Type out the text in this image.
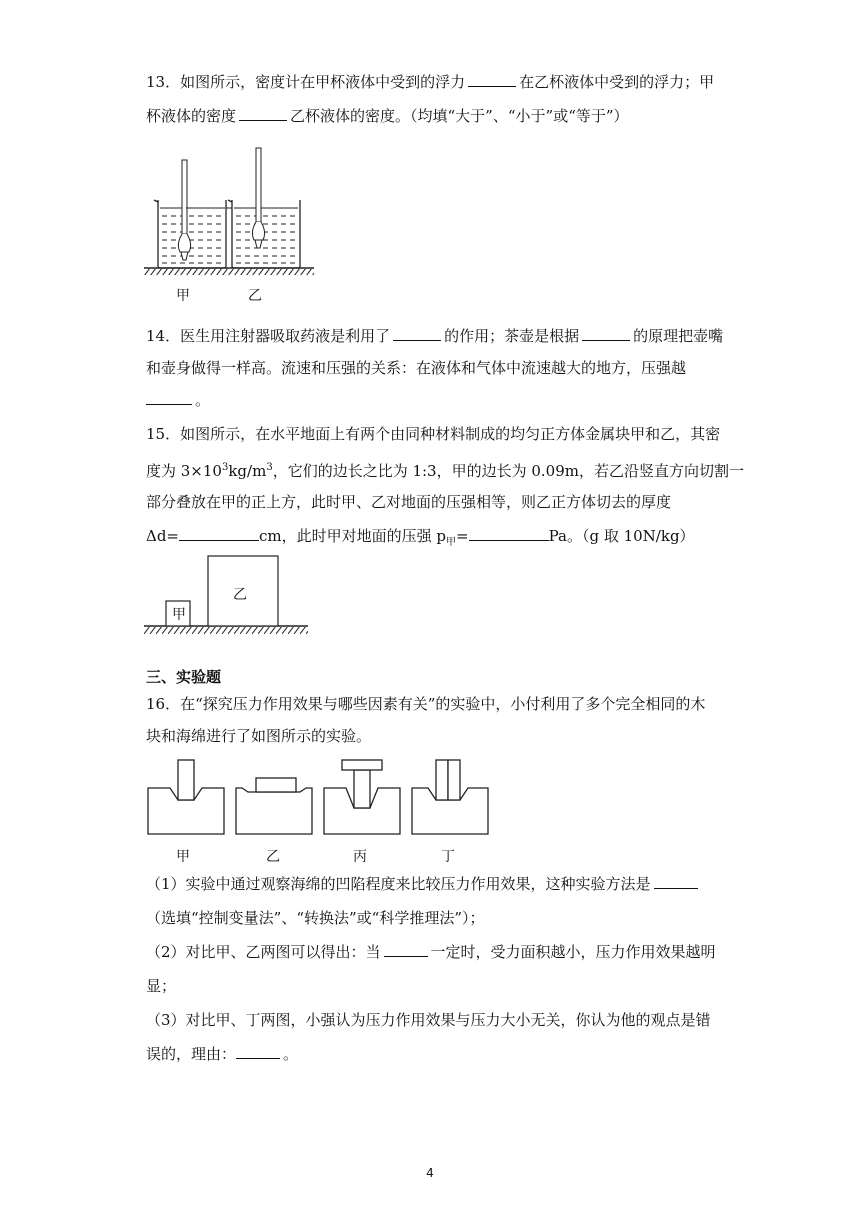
13．如图所示，密度计在甲杯液体中受到的浮力	在乙杯液体中受到的浮力；甲
杯液体的密度	乙杯液体的密度。（均填“大于”、“小于”或“等于”）
甲	乙
14．医生用注射器吸取药液是利用了	的作用；茶壶是根据	的原理把壶嘴
和壶身做得一样高。流速和压强的关系：在液体和气体中流速越大的地方，压强越
。
15．如图所示，在水平地面上有两个由同种材料制成的均匀正方体金属块甲和乙，其密
度为 $3\times 10^3kg/m^3$，它们的边长之比为 1:3，甲的边长为 0.09m，若乙沿竖直方向切割一
部分叠放在甲的正上方，此时甲、乙对地面的压强相等，则乙正方体切去的厚度
Δd=	cm，此时甲对地面的压强 $p_甲=$	Pa。（g 取 10N/kg）
甲
乙
三、实验题
16．在“探究压力作用效果与哪些因素有关”的实验中，小付利用了多个完全相同的木
块和海绵进行了如图所示的实验。
甲	乙	丙	丁
（1）实验中通过观察海绵的凹陷程度来比较压力作用效果，这种实验方法是
（选填“控制变量法”、“转换法”或“科学推理法”）；
（2）对比甲、乙两图可以得出：当	一定时，受力面积越小，压力作用效果越明
显；
（3）对比甲、丁两图，小强认为压力作用效果与压力大小无关，你认为他的观点是错
误的，理由：	。
4
